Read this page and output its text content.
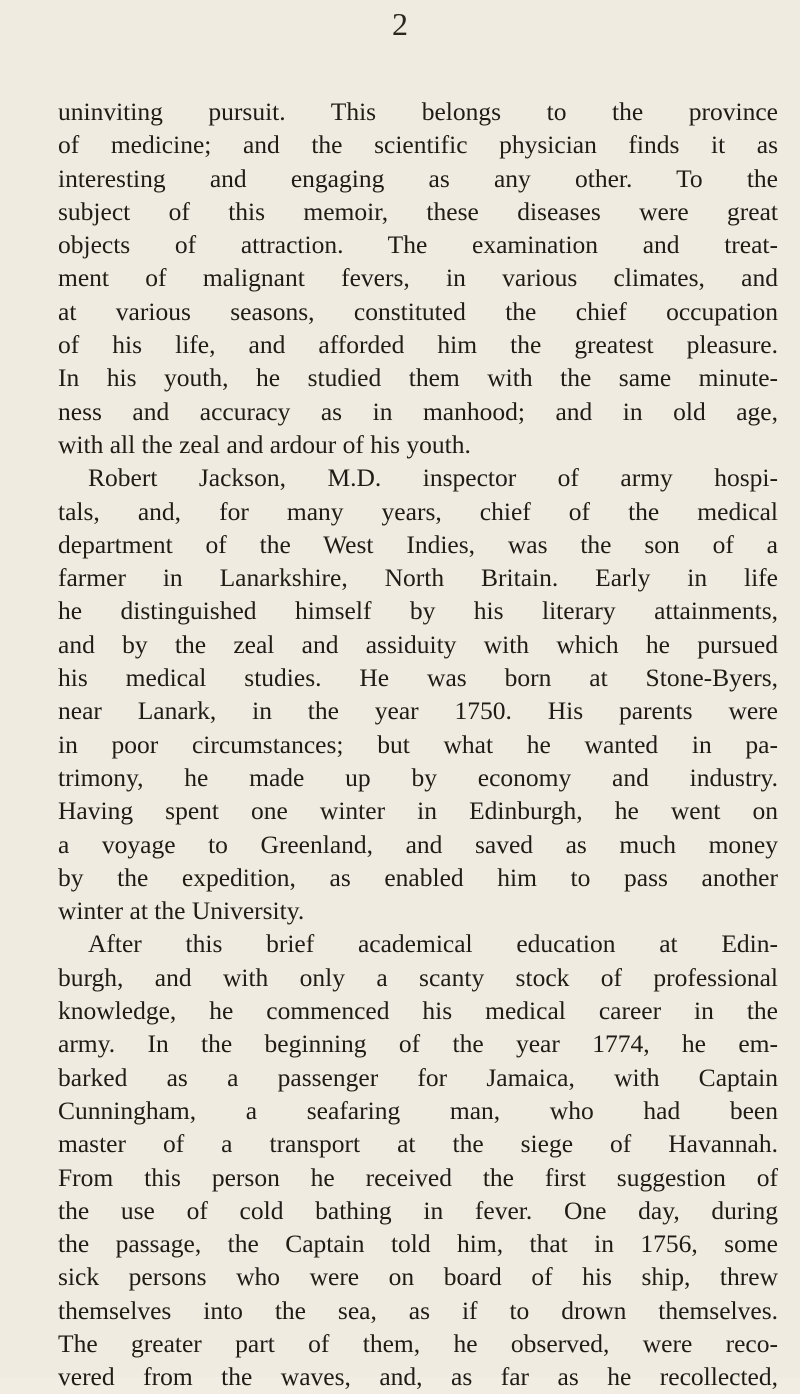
2
uninviting pursuit. This belongs to the province
of medicine; and the scientific physician finds it as
interesting and engaging as any other. To the
subject of this memoir, these diseases were great
objects of attraction. The examination and treat-
ment of malignant fevers, in various climates, and
at various seasons, constituted the chief occupation
of his life, and afforded him the greatest pleasure.
In his youth, he studied them with the same minute-
ness and accuracy as in manhood; and in old age,
with all the zeal and ardour of his youth.
Robert Jackson, M.D. inspector of army hospi-
tals, and, for many years, chief of the medical
department of the West Indies, was the son of a
farmer in Lanarkshire, North Britain. Early in life
he distinguished himself by his literary attainments,
and by the zeal and assiduity with which he pursued
his medical studies. He was born at Stone-Byers,
near Lanark, in the year 1750. His parents were
in poor circumstances; but what he wanted in pa-
trimony, he made up by economy and industry.
Having spent one winter in Edinburgh, he went on
a voyage to Greenland, and saved as much money
by the expedition, as enabled him to pass another
winter at the University.
After this brief academical education at Edin-
burgh, and with only a scanty stock of professional
knowledge, he commenced his medical career in the
army. In the beginning of the year 1774, he em-
barked as a passenger for Jamaica, with Captain
Cunningham, a seafaring man, who had been
master of a transport at the siege of Havannah.
From this person he received the first suggestion of
the use of cold bathing in fever. One day, during
the passage, the Captain told him, that in 1756, some
sick persons who were on board of his ship, threw
themselves into the sea, as if to drown themselves.
The greater part of them, he observed, were reco-
vered from the waves, and, as far as he recollected,
